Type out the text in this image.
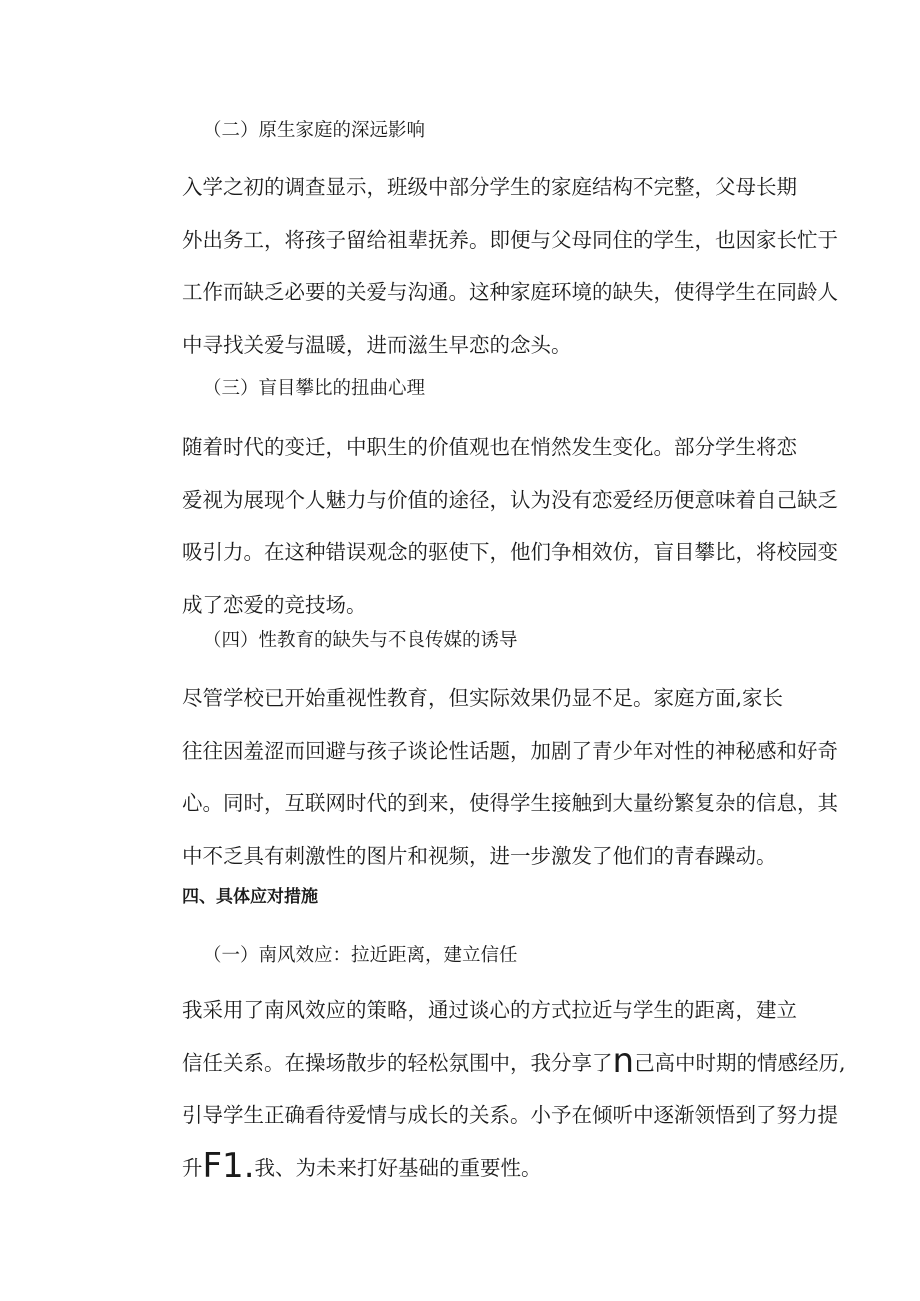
（二）原生家庭的深远影响
入学之初的调查显示，班级中部分学生的家庭结构不完整，父母长期
外出务工，将孩子留给祖辈抚养。即便与父母同住的学生，也因家长忙于
工作而缺乏必要的关爱与沟通。这种家庭环境的缺失，使得学生在同龄人
中寻找关爱与温暖，进而滋生早恋的念头。
（三）盲目攀比的扭曲心理
随着时代的变迁，中职生的价值观也在悄然发生变化。部分学生将恋
爱视为展现个人魅力与价值的途径，认为没有恋爱经历便意味着自己缺乏
吸引力。在这种错误观念的驱使下，他们争相效仿，盲目攀比，将校园变
成了恋爱的竞技场。
（四）性教育的缺失与不良传媒的诱导
尽管学校已开始重视性教育，但实际效果仍显不足。家庭方面,家长
往往因羞涩而回避与孩子谈论性话题，加剧了青少年对性的神秘感和好奇
心。同时，互联网时代的到来，使得学生接触到大量纷繁复杂的信息，其
中不乏具有刺激性的图片和视频，进一步激发了他们的青春躁动。
四、具体应对措施
（一）南风效应：拉近距离，建立信任
我采用了南风效应的策略，通过谈心的方式拉近与学生的距离，建立
信任关系。在操场散步的轻松氛围中，我分享了n己高中时期的情感经历,
引导学生正确看待爱情与成长的关系。小予在倾听中逐渐领悟到了努力提
升F1.我、为未来打好基础的重要性。
